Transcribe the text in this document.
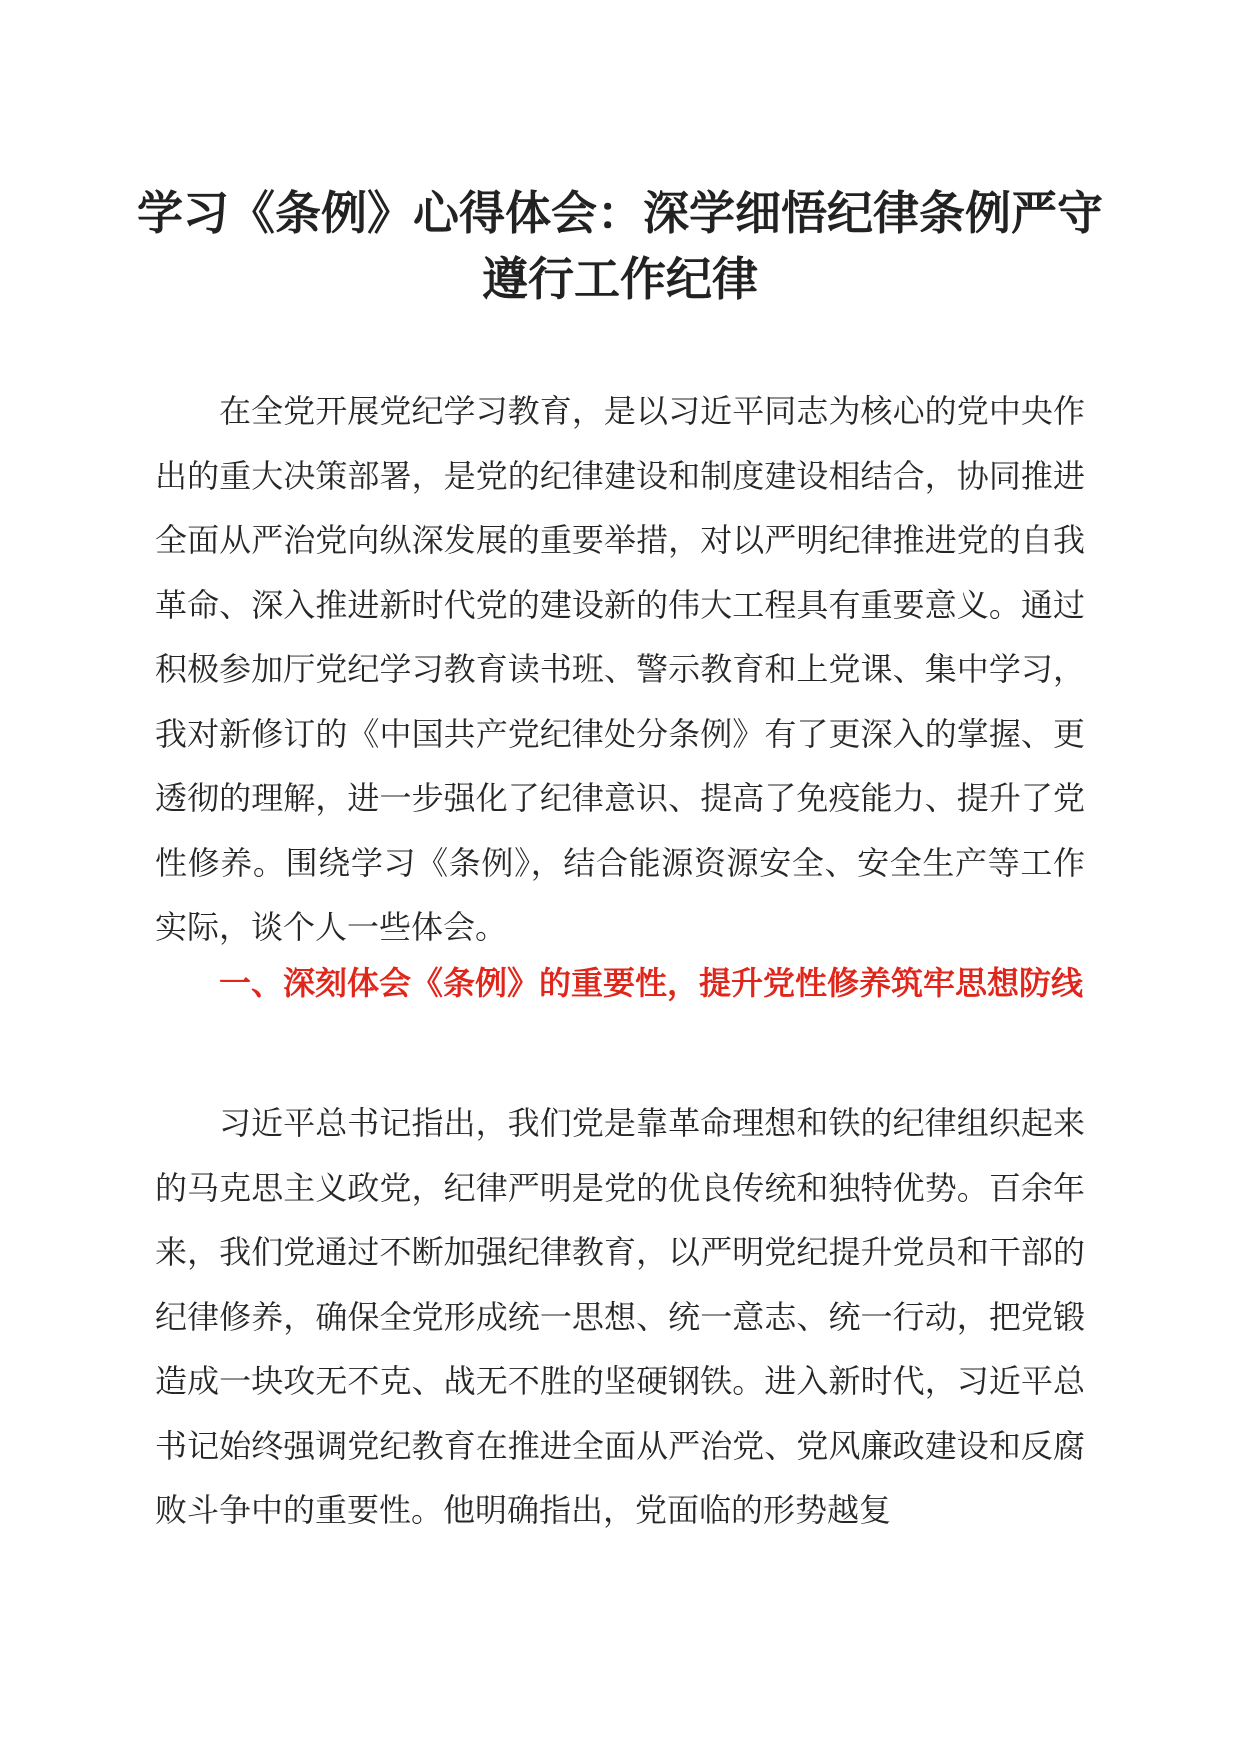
学习《条例》心得体会：深学细悟纪律条例严守遵行工作纪律

在全党开展党纪学习教育，是以习近平同志为核心的党中央作出的重大决策部署，是党的纪律建设和制度建设相结合，协同推进全面从严治党向纵深发展的重要举措，对以严明纪律推进党的自我革命、深入推进新时代党的建设新的伟大工程具有重要意义。通过积极参加厅党纪学习教育读书班、警示教育和上党课、集中学习，我对新修订的《中国共产党纪律处分条例》有了更深入的掌握、更透彻的理解，进一步强化了纪律意识、提高了免疫能力、提升了党性修养。围绕学习《条例》，结合能源资源安全、安全生产等工作实际，谈个人一些体会。

一、深刻体会《条例》的重要性，提升党性修养筑牢思想防线

习近平总书记指出，我们党是靠革命理想和铁的纪律组织起来的马克思主义政党，纪律严明是党的优良传统和独特优势。百余年来，我们党通过不断加强纪律教育，以严明党纪提升党员和干部的纪律修养，确保全党形成统一思想、统一意志、统一行动，把党锻造成一块攻无不克、战无不胜的坚硬钢铁。进入新时代，习近平总书记始终强调党纪教育在推进全面从严治党、党风廉政建设和反腐败斗争中的重要性。他明确指出，党面临的形势越复
